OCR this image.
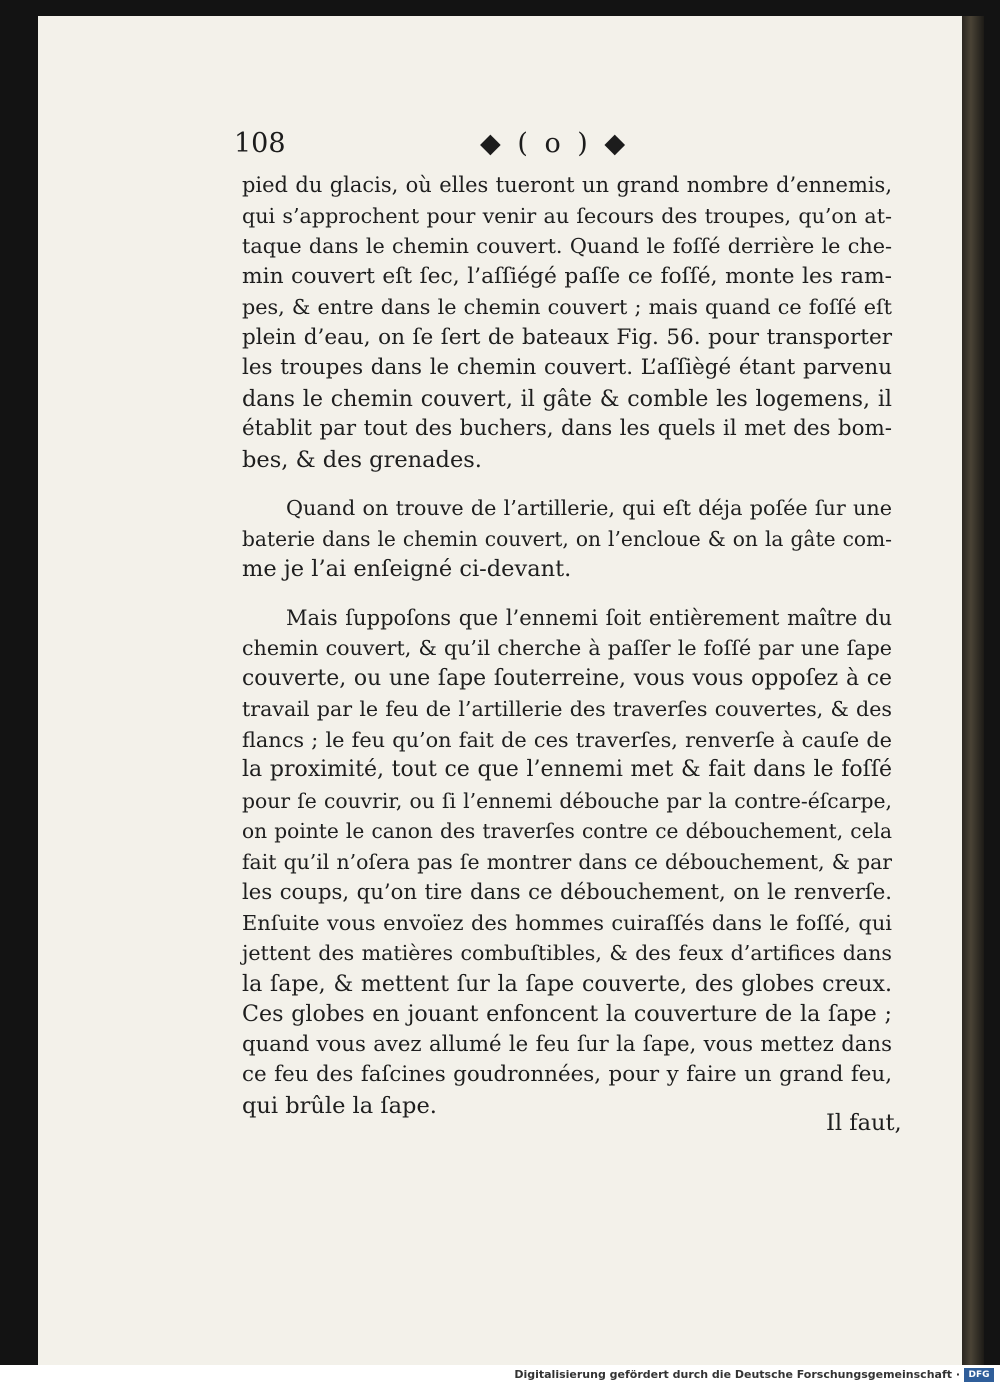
108	◆ ( o ) ◆
pied du glacis, où elles tueront un grand nombre d’ennemis,
qui s’approchent pour venir au ſecours des troupes, qu’on at-
taque dans le chemin couvert. Quand le foſſé derrière le che-
min couvert eſt ſec, l’aſſiégé paſſe ce foſſé, monte les ram-
pes, & entre dans le chemin couvert ; mais quand ce foſſé eſt
plein d’eau, on ſe ſert de bateaux Fig. 56. pour transporter
les troupes dans le chemin couvert. L’aſſiègé étant parvenu
dans le chemin couvert, il gâte & comble les logemens, il
établit par tout des buchers, dans les quels il met des bom-
bes, & des grenades.
Quand on trouve de l’artillerie, qui eſt déja poſée ſur une
baterie dans le chemin couvert, on l’encloue & on la gâte com-
me je l’ai enſeigné ci-devant.
Mais ſuppoſons que l’ennemi ſoit entièrement maître du
chemin couvert, & qu’il cherche à paſſer le foſſé par une ſape
couverte, ou une ſape ſouterreine, vous vous oppoſez à ce
travail par le feu de l’artillerie des traverſes couvertes, & des
flancs ; le feu qu’on fait de ces traverſes, renverſe à cauſe de
la proximité, tout ce que l’ennemi met & fait dans le foſſé
pour ſe couvrir, ou ſi l’ennemi débouche par la contre-éſcarpe,
on pointe le canon des traverſes contre ce débouchement, cela
fait qu’il n’oſera pas ſe montrer dans ce débouchement, & par
les coups, qu’on tire dans ce débouchement, on le renverſe.
Enſuite vous envoïez des hommes cuiraſſés dans le foſſé, qui
jettent des matières combuſtibles, & des feux d’artifices dans
la ſape, & mettent ſur la ſape couverte, des globes creux.
Ces globes en jouant enfoncent la couverture de la ſape ;
quand vous avez allumé le feu ſur la ſape, vous mettez dans
ce feu des faſcines goudronnées, pour y faire un grand feu,
qui brûle la ſape.
Il faut,
Digitalisierung gefördert durch die Deutsche Forschungsgemeinschaft · DFG
